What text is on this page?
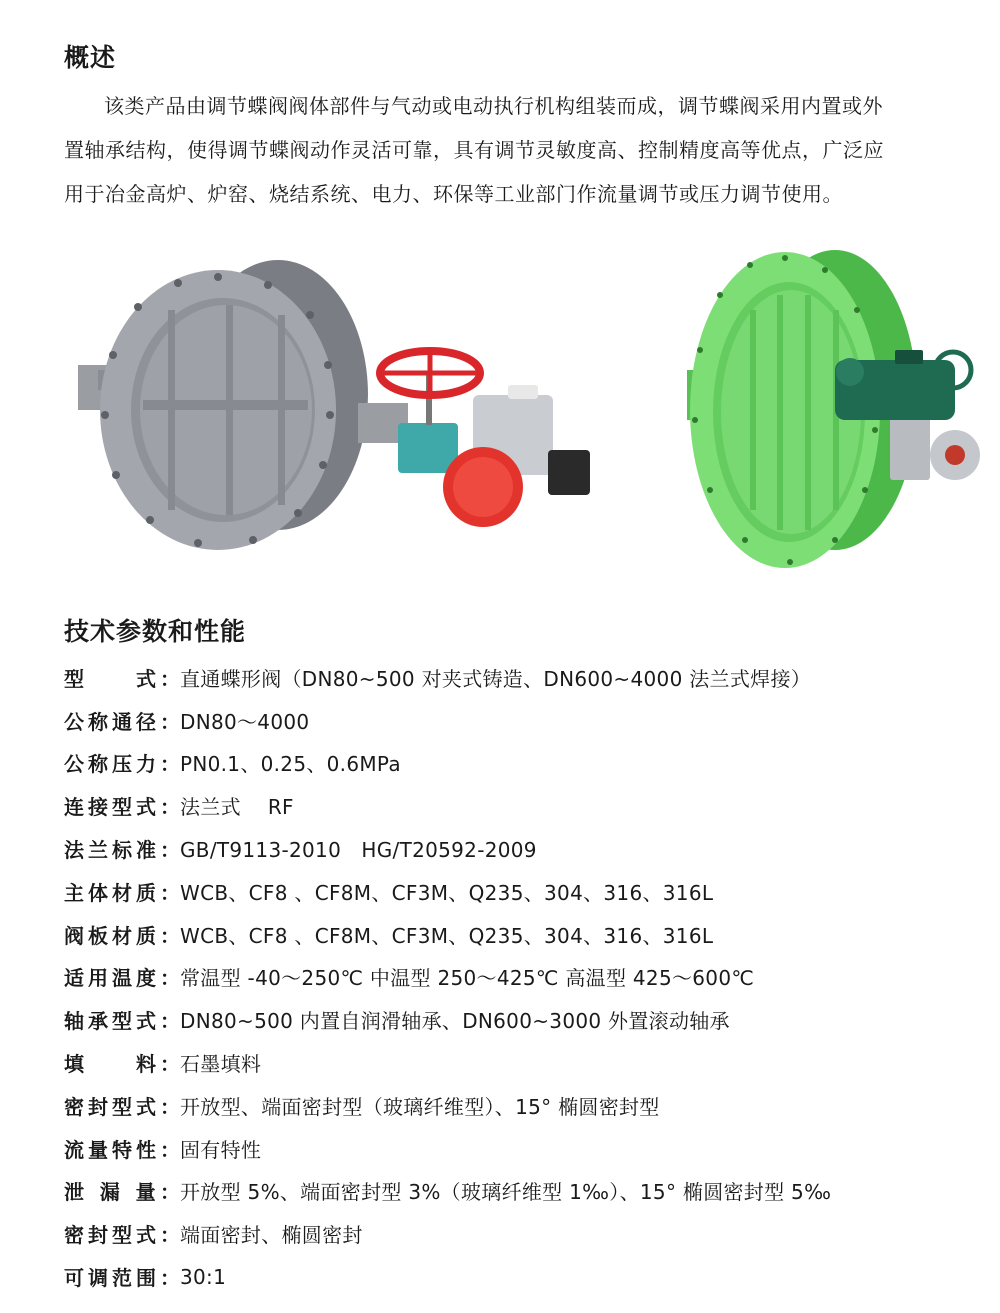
概述

该类产品由调节蝶阀阀体部件与气动或电动执行机构组装而成，调节蝶阀采用内置或外
置轴承结构，使得调节蝶阀动作灵活可靠，具有调节灵敏度高、控制精度高等优点，广泛应
用于冶金高炉、炉窑、烧结系统、电力、环保等工业部门作流量调节或压力调节使用。

技术参数和性能
型　　式： 直通蝶形阀（DN80~500 对夹式铸造、DN600~4000 法兰式焊接）
公称通径： DN80～4000
公称压力： PN0.1、0.25、0.6MPa
连接型式： 法兰式　 RF
法兰标准： GB/T9113-2010　HG/T20592-2009
主体材质： WCB、CF8 、CF8M、CF3M、Q235、304、316、316L
阀板材质： WCB、CF8 、CF8M、CF3M、Q235、304、316、316L
适用温度： 常温型 -40～250℃ 中温型 250～425℃ 高温型 425～600℃
轴承型式： DN80~500 内置自润滑轴承、DN600~3000 外置滚动轴承
填　　料： 石墨填料
密封型式： 开放型、端面密封型（玻璃纤维型）、15° 椭圆密封型
流量特性： 固有特性
泄 漏 量： 开放型 5%、端面密封型 3%（玻璃纤维型 1‰）、15° 椭圆密封型 5‰
密封型式： 端面密封、椭圆密封
可调范围： 30:1
